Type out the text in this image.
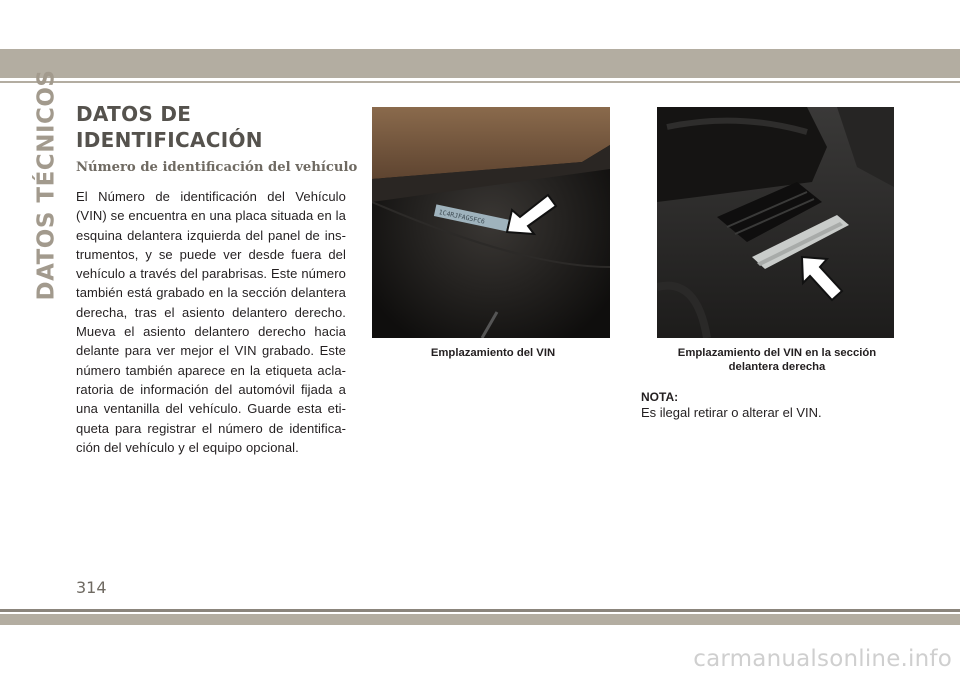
DATOS TÉCNICOS DATOS DE IDENTIFICACIÓN
Número de identificación del vehículo

El Número de identificación del Vehículo (VIN) se encuentra en una placa situada en la esquina delantera izquierda del panel de instrumentos, y se puede ver desde fuera del vehículo a través del parabrisas. Este número también está grabado en la sección delantera derecha, tras el asiento delantero derecho. Mueva el asiento delantero derecho hacia delante para ver mejor el VIN grabado. Este número también aparece en la etiqueta aclaratoria de información del automóvil fijada a una ventanilla del vehículo. Guarde esta etiqueta para registrar el número de identificación del vehículo y el equipo opcional.

1C4RJFAG5FC6

Emplazamiento del VIN	Emplazamiento del VIN en la sección delantera derecha

NOTA:

Es ilegal retirar o alterar el VIN.

314

carmanualsonline.info
